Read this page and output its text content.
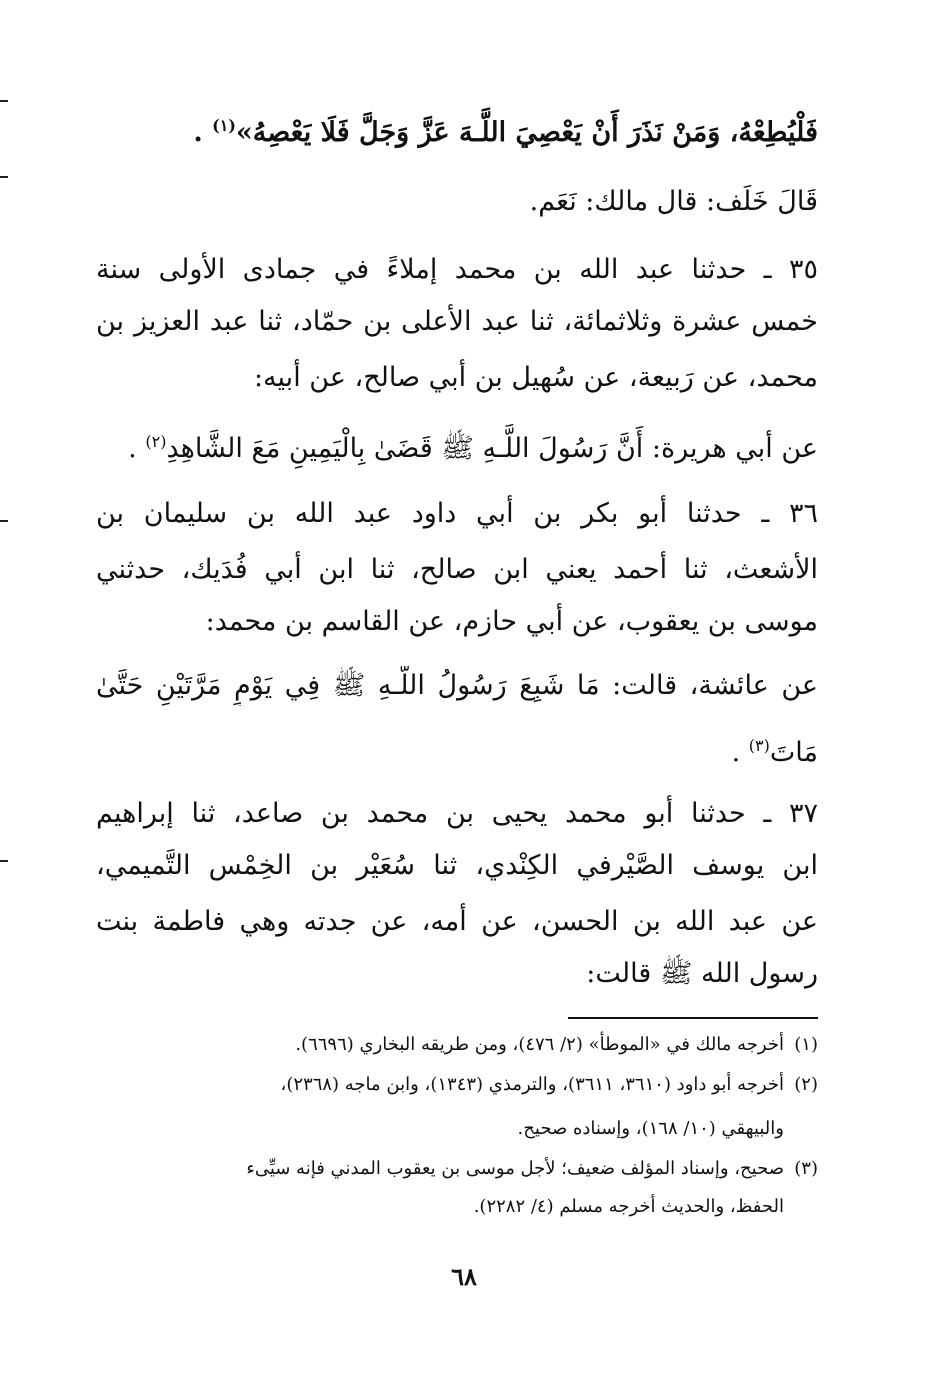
فَلْيُطِعْهُ، وَمَنْ نَذَرَ أَنْ يَعْصِيَ اللَّـهَ عَزَّ وَجَلَّ فَلَا يَعْصِهُ»$^{(١)}$ .
قَالَ خَلَف: قال مالك: نَعَم.
٣٥ ـ حدثنا عبد الله بن محمد إملاءً في جمادى الأولى سنة
خمس عشرة وثلاثمائة، ثنا عبد الأعلى بن حمّاد، ثنا عبد العزيز بن
محمد، عن رَبيعة، عن سُهيل بن أبي صالح، عن أبيه:
عن أبي هريرة: أَنَّ رَسُولَ اللَّـهِ ﷺ قَضَىٰ بِالْيَمِينِ مَعَ الشَّاهِدِ$^{(٢)}$ .
٣٦ ـ حدثنا أبو بكر بن أبي داود عبد الله بن سليمان بن
الأشعث، ثنا أحمد يعني ابن صالح، ثنا ابن أبي فُدَيك، حدثني
موسى بن يعقوب، عن أبي حازم، عن القاسم بن محمد:
عن عائشة، قالت: مَا شَبِعَ رَسُولُ اللَّـهِ ﷺ فِي يَوْمٍ مَرَّتَيْنِ حَتَّىٰ
مَاتَ$^{(٣)}$ .
٣٧ ـ حدثنا أبو محمد يحيى بن محمد بن صاعد، ثنا إبراهيم
ابن يوسف الصَّيْرفي الكِنْدي، ثنا سُعَيْر بن الخِمْس التَّميمي،
عن عبد الله بن الحسن، عن أمه، عن جدته وهي فاطمة بنت
رسول الله ﷺ قالت:
(١)أخرجه مالك في «الموطأ» (٢/ ٤٧٦)، ومن طريقه البخاري (٦٦٩٦).
(٢)أخرجه أبو داود (٣٦١٠، ٣٦١١)، والترمذي (١٣٤٣)، وابن ماجه (٢٣٦٨)،
والبيهقي (١٠/ ١٦٨)، وإسناده صحيح.
(٣)صحيح، وإسناد المؤلف ضعيف؛ لأجل موسى بن يعقوب المدني فإنه سيِّىء
الحفظ، والحديث أخرجه مسلم (٤/ ٢٢٨٢).
٦٨
